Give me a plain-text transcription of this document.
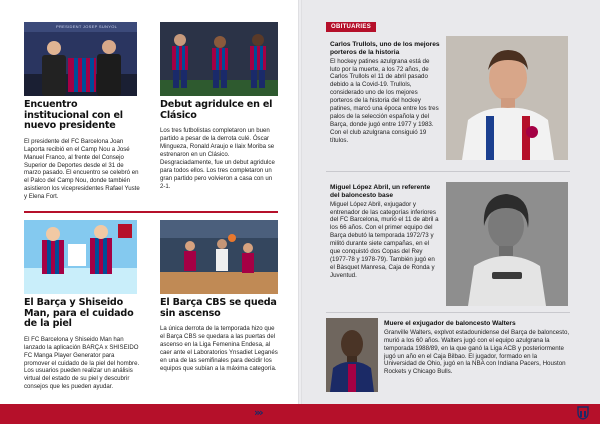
PRESIDENT JOSEP SUNYOL
Encuentro institucional con el nuevo presidente
El presidente del FC Barcelona Joan Laporta recibió en el Camp Nou a José Manuel Franco, al frente del Consejo Superior de Deportes desde el 31 de marzo pasado. El encuentro se celebró en el Palco del Camp Nou, donde también asistieron los vicepresidentes Rafael Yuste y Elena Fort.
Debut agridulce en el Clásico
Los tres futbolistas completaron un buen partido a pesar de la derrota culé. Óscar Mingueza, Ronald Araujo e Ilaix Moriba se estrenaron en un Clásico. Desgraciadamente, fue un debut agridulce para todos ellos. Los tres completaron un gran partido pero volvieron a casa con un 2-1.
El Barça y Shiseido Man, para el cuidado de la piel
El FC Barcelona y Shiseido Man han lanzado la aplicación BARÇA x SHISEIDO FC Manga Player Generator para promover el cuidado de la piel del hombre. Los usuarios pueden realizar un análisis virtual del estado de su piel y descubrir consejos que les pueden ayudar.
El Barça CBS se queda sin ascenso
La única derrota de la temporada hizo que el Barça CBS se quedara a las puertas del ascenso en la Liga Femenina Endesa, al caer ante el Laboratorios Ynsadiet Leganés en una de las semifinales para decidir los equipos que subían a la máxima categoría.
OBITUARIES
Carlos Trullols, uno de los mejores porteros de la historia
El hockey patines azulgrana está de luto por la muerte, a los 72 años, de Carlos Trullols el 11 de abril pasado debido a la Covid-19. Trullols, considerado uno de los mejores porteros de la historia del hockey patines, marcó una época entre los tres palos de la selección española y del Barça, donde jugó entre 1977 y 1983. Con el club azulgrana consiguió 19 títulos.
Miguel López Abril, un referente del baloncesto base
Miguel López Abril, exjugador y entrenador de las categorías inferiores del FC Barcelona, murió el 11 de abril a los 66 años. Con el primer equipo del Barça debutó la temporada 1972/73 y militó durante siete campañas, en el que conquistó dos Copas del Rey (1977-78 y 1978-79). También jugó en el Bàsquet Manresa, Caja de Ronda y Juventud.
Muere el exjugador de baloncesto Walters
Granville Walters, explvot estadounidense del Barça de baloncesto, murió a los 60 años. Walters jugó con el equipo azulgrana la temporada 1988/89, en la que ganó la Liga ACB y posteriormente jugó un año en el Caja Bilbao. El jugador, formado en la Universidad de Ohio, jugó en la NBA con Indiana Pacers, Houston Rockets y Chicago Bulls.
›››
